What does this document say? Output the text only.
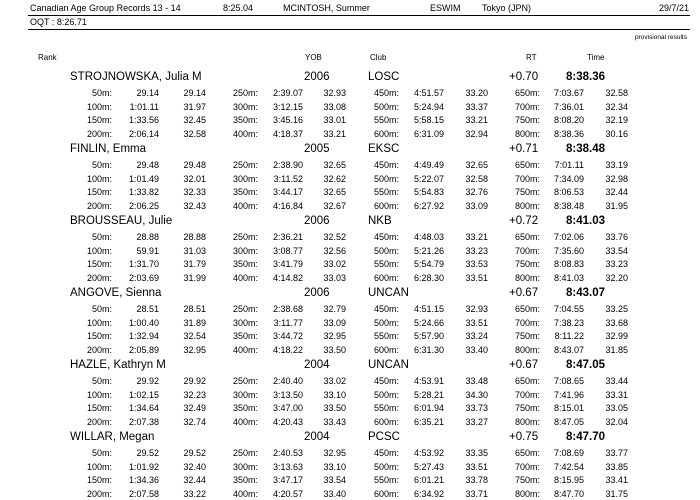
Canadian Age Group Records 13 - 14	8:25.04	MCINTOSH, Summer	ESWIM Tokyo (JPN)	29/7/21
OQT : 8:26.71
provisional results
Rank	YOB	Club	RT	Time
STROJNOWSKA, Julia M	2006	LOSC	+0.70 8:38.36
50m:	29.14	29.14	250m: 2:39.07 32.93	450m: 4:51.57 33.20	650m: 7:03.67 32.58
100m: 1:01.11	31.97	300m: 3:12.15 33.08	500m: 5:24.94 33.37	700m: 7:36.01 32.34
150m: 1:33.56	32.45	350m: 3:45.16 33.01	550m: 5:58.15 33.21	750m: 8:08.20 32.19
200m: 2:06.14	32.58	400m: 4:18.37 33.21	600m: 6:31.09 32.94	800m: 8:38.36 30.16
FINLIN, Emma	2005	EKSC	+0.71 8:38.48
50m:	29.48	29.48	250m: 2:38.90 32.65	450m: 4:49.49 32.65	650m: 7:01.11 33.19
100m: 1:01.49	32.01	300m: 3:11.52 32.62	500m: 5:22.07 32.58	700m: 7:34.09 32.98
150m: 1:33.82	32.33	350m: 3:44.17 32.65	550m: 5:54.83 32.76	750m: 8:06.53 32.44
200m: 2:06.25	32.43	400m: 4:16.84 32.67	600m: 6:27.92 33.09	800m: 8:38.48 31.95
BROUSSEAU, Julie	2006	NKB	+0.72 8:41.03
50m:	28.88	28.88	250m: 2:36.21 32.52	450m: 4:48.03 33.21	650m: 7:02.06 33.76
100m:	59.91	31.03	300m: 3:08.77 32.56	500m: 5:21.26 33.23	700m: 7:35.60 33.54
150m: 1:31.70	31.79	350m: 3:41.79 33.02	550m: 5:54.79 33.53	750m: 8:08.83 33.23
200m: 2:03.69	31.99	400m: 4:14.82 33.03	600m: 6:28.30 33.51	800m: 8:41.03 32.20
ANGOVE, Sienna	2006	UNCAN	+0.67 8:43.07
50m:	28.51	28.51	250m: 2:38.68 32.79	450m: 4:51.15 32.93	650m: 7:04.55 33.25
100m: 1:00.40	31.89	300m: 3:11.77 33.09	500m: 5:24.66 33.51	700m: 7:38.23 33.68
150m: 1:32.94	32.54	350m: 3:44.72 32.95	550m: 5:57.90 33.24	750m: 8:11.22 32.99
200m: 2:05.89	32.95	400m: 4:18.22 33.50	600m: 6:31.30 33.40	800m: 8:43.07 31.85
HAZLE, Kathryn M	2004	UNCAN	+0.67 8:47.05
50m:	29.92	29.92	250m: 2:40.40 33.02	450m: 4:53.91 33.48	650m: 7:08.65 33.44
100m: 1:02.15	32.23	300m: 3:13.50 33.10	500m: 5:28.21 34.30	700m: 7:41.96 33.31
150m: 1:34.64	32.49	350m: 3:47.00 33.50	550m: 6:01.94 33.73	750m: 8:15.01 33.05
200m: 2:07.38	32.74	400m: 4:20.43 33.43	600m: 6:35.21 33.27	800m: 8:47.05 32.04
WILLAR, Megan	2004	PCSC	+0.75 8:47.70
50m:	29.52	29.52	250m: 2:40.53 32.95	450m: 4:53.92 33.35	650m: 7:08.69 33.77
100m: 1:01.92	32.40	300m: 3:13.63 33.10	500m: 5:27.43 33.51	700m: 7:42.54 33.85
150m: 1:34.36	32.44	350m: 3:47.17 33.54	550m: 6:01.21 33.78	750m: 8:15.95 33.41
200m: 2:07.58	33.22	400m: 4:20.57 33.40	600m: 6:34.92 33.71	800m: 8:47.70 31.75
